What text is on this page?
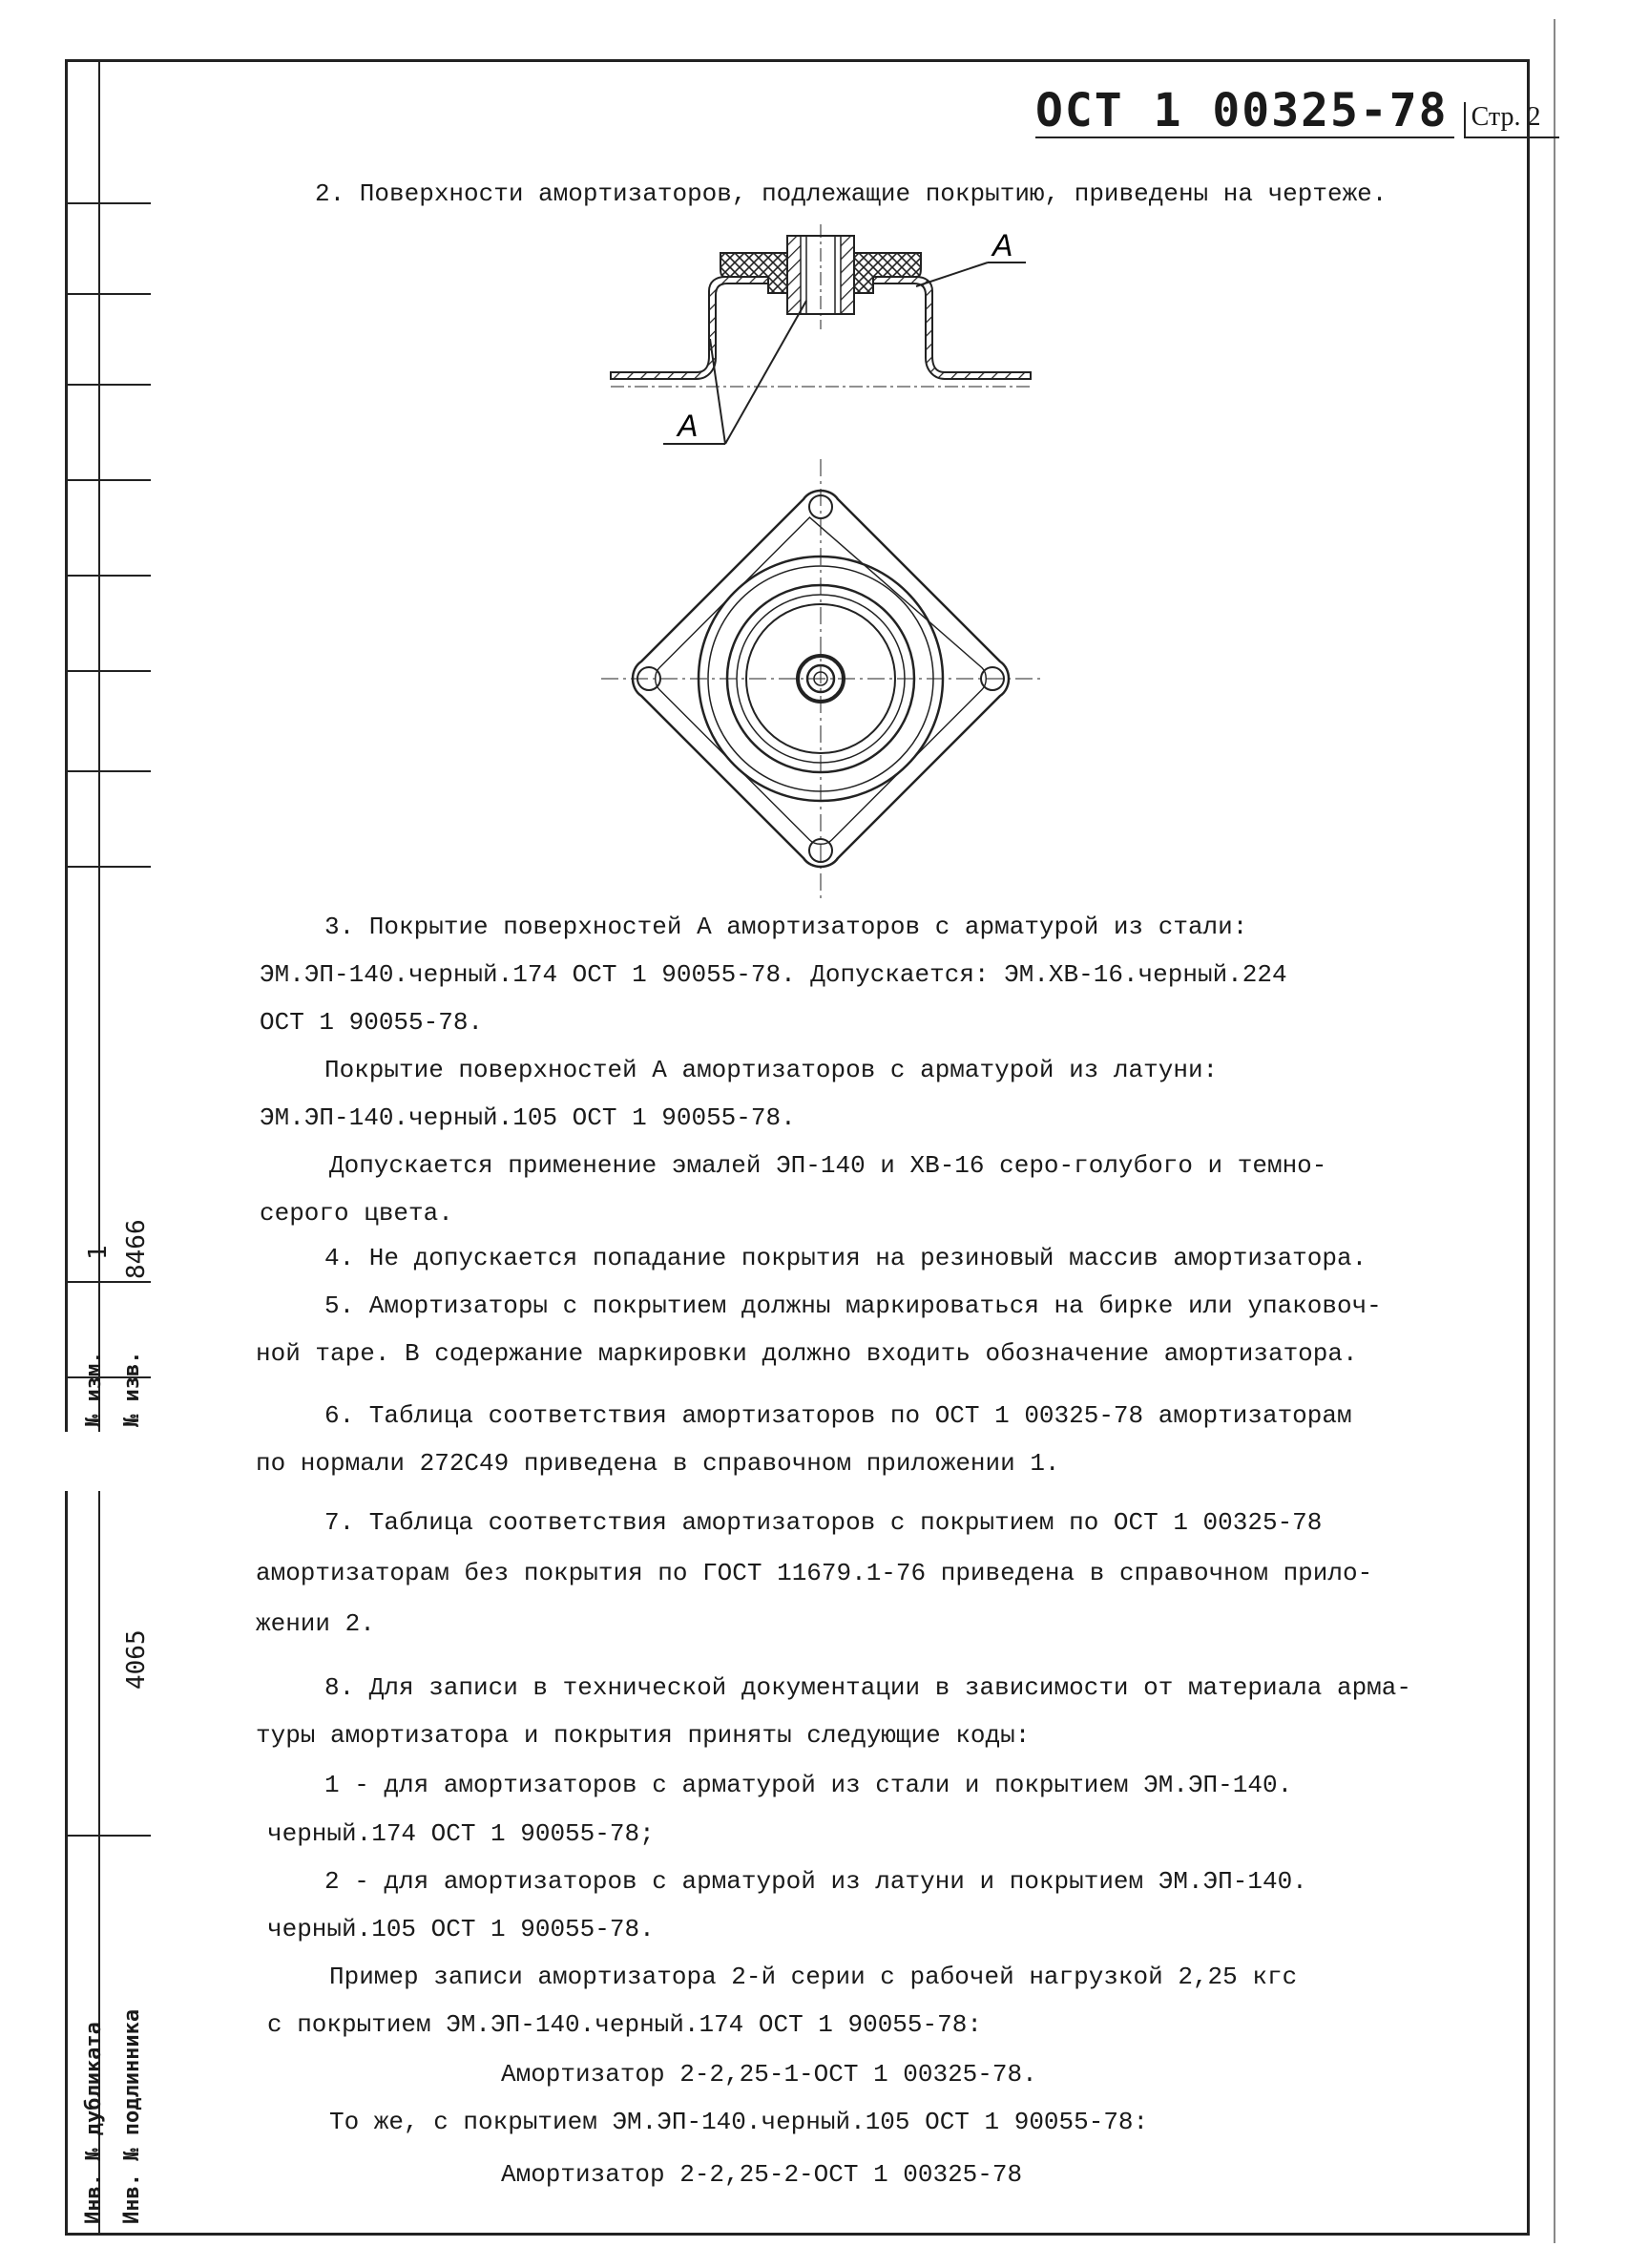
№ изм. № изв.
1 8466
4065
Инв. № дубликата Инв. № подлинника
ОСТ 1 00325-78 Стр. 2
A
A
2. Поверхности амортизаторов, подлежащие покрытию, приведены на чертеже.
3. Покрытие поверхностей A амортизаторов с арматурой из стали:
ЭМ.ЭП-140.черный.174 ОСТ 1 90055-78. Допускается: ЭМ.ХВ-16.черный.224
ОСТ 1 90055-78.
Покрытие поверхностей A амортизаторов с арматурой из латуни:
ЭМ.ЭП-140.черный.105 ОСТ 1 90055-78.
Допускается применение эмалей ЭП-140 и ХВ-16 серо-голубого и темно-
серого цвета.
4. Не допускается попадание покрытия на резиновый массив амортизатора.
5. Амортизаторы с покрытием должны маркироваться на бирке или упаковоч-
ной таре. В содержание маркировки должно входить обозначение амортизатора.
6. Таблица соответствия амортизаторов по ОСТ 1 00325-78 амортизаторам
по нормали 272С49 приведена в справочном приложении 1.
7. Таблица соответствия амортизаторов с покрытием по ОСТ 1 00325-78
амортизаторам без покрытия по ГОСТ 11679.1-76 приведена в справочном прило-
жении 2.
8. Для записи в технической документации в зависимости от материала арма-
туры амортизатора и покрытия приняты следующие коды:
1 - для амортизаторов с арматурой из стали и покрытием ЭМ.ЭП-140.
черный.174 ОСТ 1 90055-78;
2 - для амортизаторов с арматурой из латуни и покрытием ЭМ.ЭП-140.
черный.105 ОСТ 1 90055-78.
Пример записи амортизатора 2-й серии с рабочей нагрузкой 2,25 кгс
с покрытием ЭМ.ЭП-140.черный.174 ОСТ 1 90055-78:
Амортизатор 2-2,25-1-ОСТ 1 00325-78.
То же, с покрытием ЭМ.ЭП-140.черный.105 ОСТ 1 90055-78:
Амортизатор 2-2,25-2-ОСТ 1 00325-78
